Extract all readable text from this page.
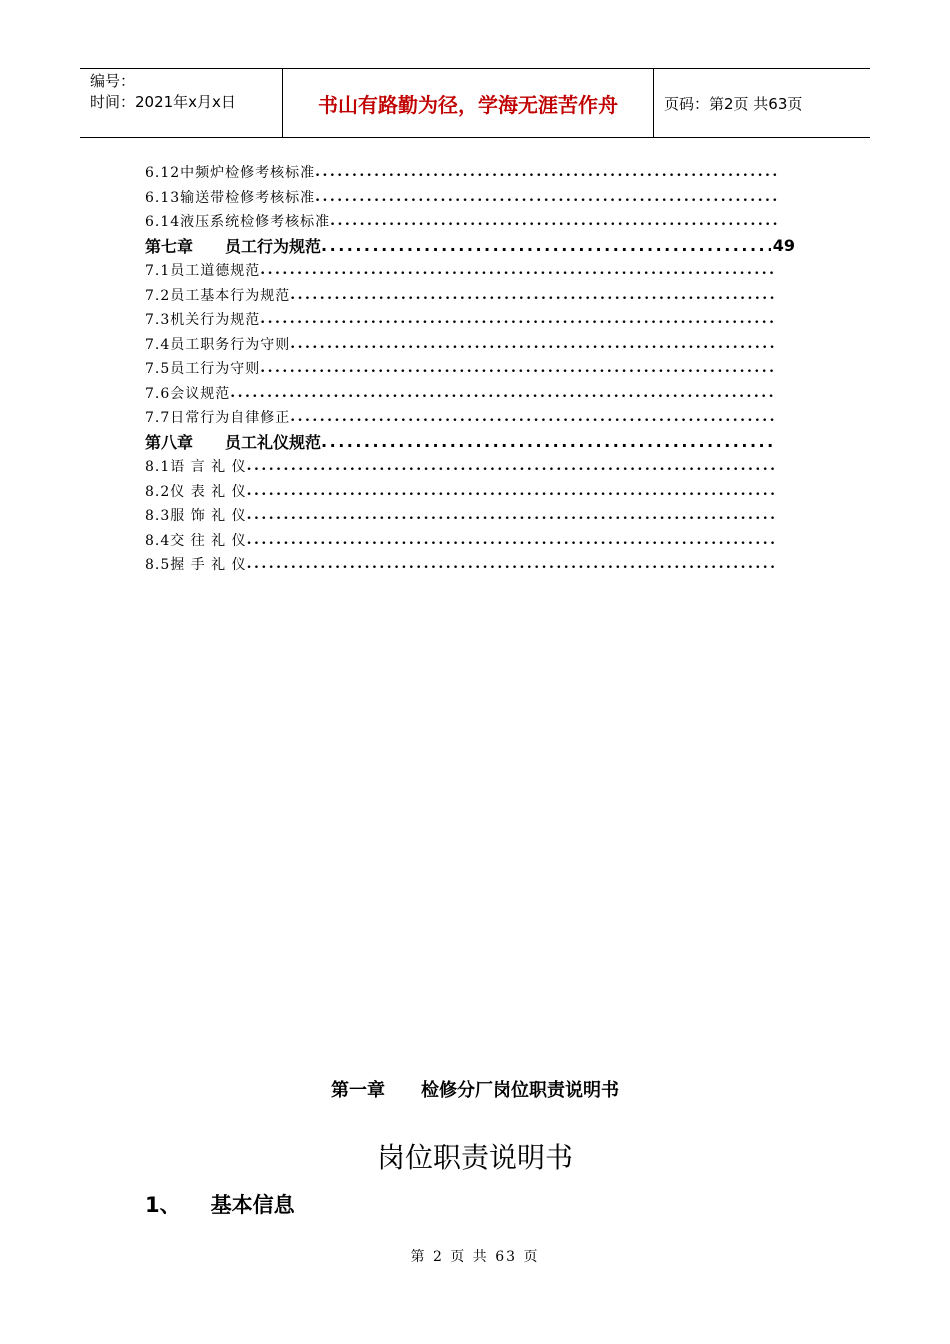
编号：
时间：2021年x月x日	书山有路勤为径，学海无涯苦作舟	页码：第2页 共63页
6.12中频炉检修考核标准
.....
6.13输送带检修考核标准
.....
6.14液压系统检修考核标准
.....
第七章 员工行为规范
.....	49
7.1员工道德规范
.....
7.2员工基本行为规范
.....
7.3机关行为规范
.....
7.4员工职务行为守则
.....
7.5员工行为守则
.....
7.6会议规范
.....
7.7日常行为自律修正
.....
第八章 员工礼仪规范
.....
8.1语 言 礼 仪
.....
8.2仪 表 礼 仪
.....
8.3服 饰 礼 仪
.....
8.4交 往 礼 仪
.....
8.5握 手 礼 仪
.....
第一章 检修分厂岗位职责说明书
岗位职责说明书
1、 基本信息
第 2 页 共 63 页
